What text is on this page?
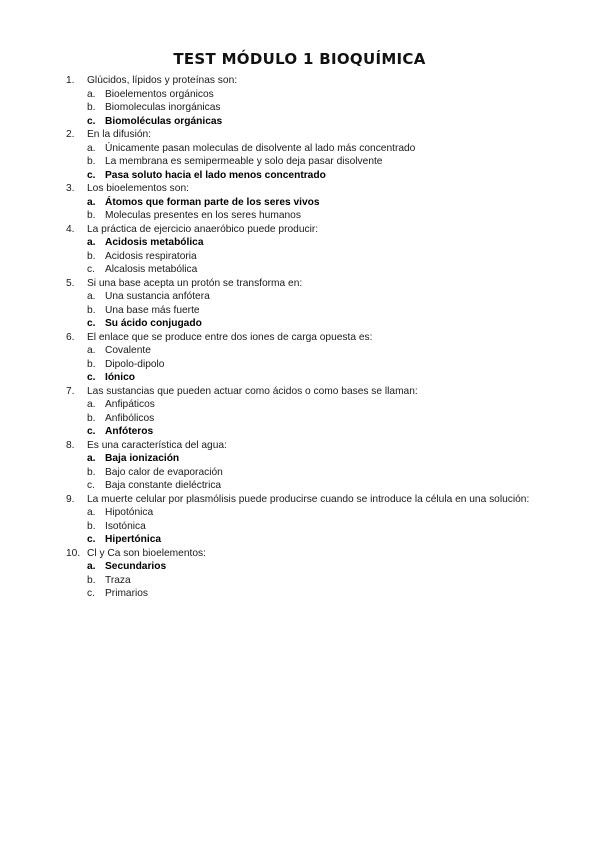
TEST MÓDULO 1 BIOQUÍMICA
1. Glúcidos, lípidos y proteínas son:
a. Bioelementos orgánicos
b. Biomoleculas inorgánicas
c. Biomoléculas orgánicas
2. En la difusión:
a. Únicamente pasan moleculas de disolvente al lado más concentrado
b. La membrana es semipermeable y solo deja pasar disolvente
c. Pasa soluto hacia el lado menos concentrado
3. Los bioelementos son:
a. Átomos que forman parte de los seres vivos
b. Moleculas presentes en los seres humanos
4. La práctica de ejercicio anaeróbico puede producir:
a. Acidosis metabólica
b. Acidosis respiratoria
c. Alcalosis metabólica
5. Si una base acepta un protón se transforma en:
a. Una sustancia anfótera
b. Una base más fuerte
c. Su ácido conjugado
6. El enlace que se produce entre dos iones de carga opuesta es:
a. Covalente
b. Dipolo-dipolo
c. Iónico
7. Las sustancias que pueden actuar como ácidos o como bases se llaman:
a. Anfipáticos
b. Anfibólicos
c. Anfóteros
8. Es una característica del agua:
a. Baja ionización
b. Bajo calor de evaporación
c. Baja constante dieléctrica
9. La muerte celular por plasmólisis puede producirse cuando se introduce la célula en una solución:
a. Hipotónica
b. Isotónica
c. Hipertónica
10. Cl y Ca son bioelementos:
a. Secundarios
b. Traza
c. Primarios
